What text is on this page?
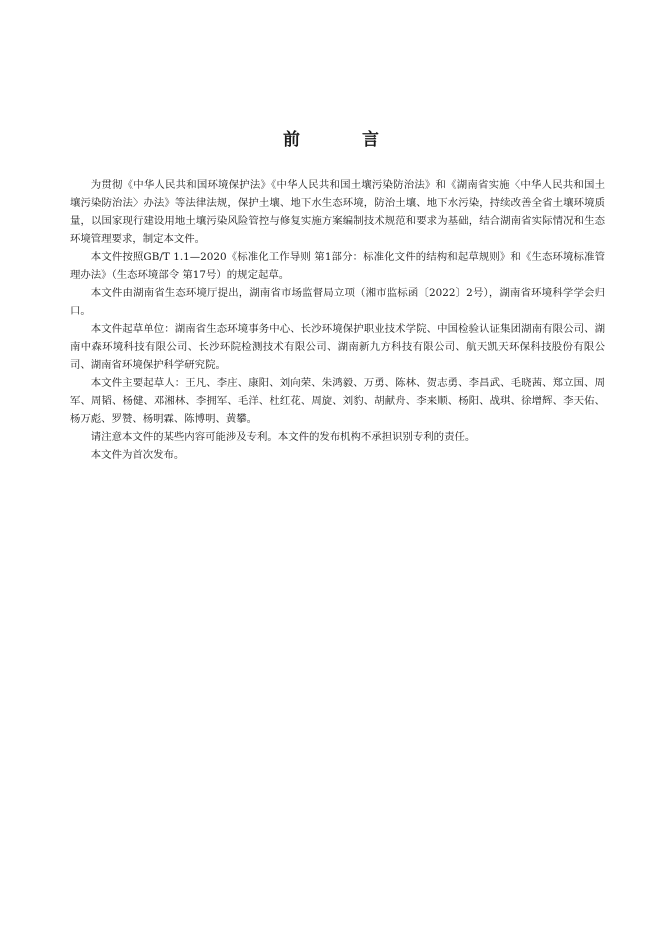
前 言

为贯彻《中华人民共和国环境保护法》《中华人民共和国土壤污染防治法》和《湖南省实施〈中华人民共和国土壤污染防治法〉办法》等法律法规，保护土壤、地下水生态环境，防治土壤、地下水污染，持续改善全省土壤环境质量，以国家现行建设用地土壤污染风险管控与修复实施方案编制技术规范和要求为基础，结合湖南省实际情况和生态环境管理要求，制定本文件。

本文件按照GB/T 1.1—2020《标准化工作导则 第1部分：标准化文件的结构和起草规则》和《生态环境标准管理办法》（生态环境部令 第17号）的规定起草。

本文件由湖南省生态环境厅提出，湖南省市场监督局立项（湘市监标函〔2022〕2号），湖南省环境科学学会归口。

本文件起草单位：湖南省生态环境事务中心、长沙环境保护职业技术学院、中国检验认证集团湖南有限公司、湖南中森环境科技有限公司、长沙环院检测技术有限公司、湖南新九方科技有限公司、航天凯天环保科技股份有限公司、湖南省环境保护科学研究院。

本文件主要起草人：王凡、李庄、康阳、刘向荣、朱鸿毅、万勇、陈林、贺志勇、李昌武、毛晓茜、郑立国、周军、周韬、杨健、邓湘林、李拥军、毛洋、杜红花、周旋、刘豹、胡献舟、李来顺、杨阳、战琪、徐增辉、李天佑、杨万彪、罗赞、杨明霖、陈博明、黄攀。

请注意本文件的某些内容可能涉及专利。本文件的发布机构不承担识别专利的责任。

本文件为首次发布。
